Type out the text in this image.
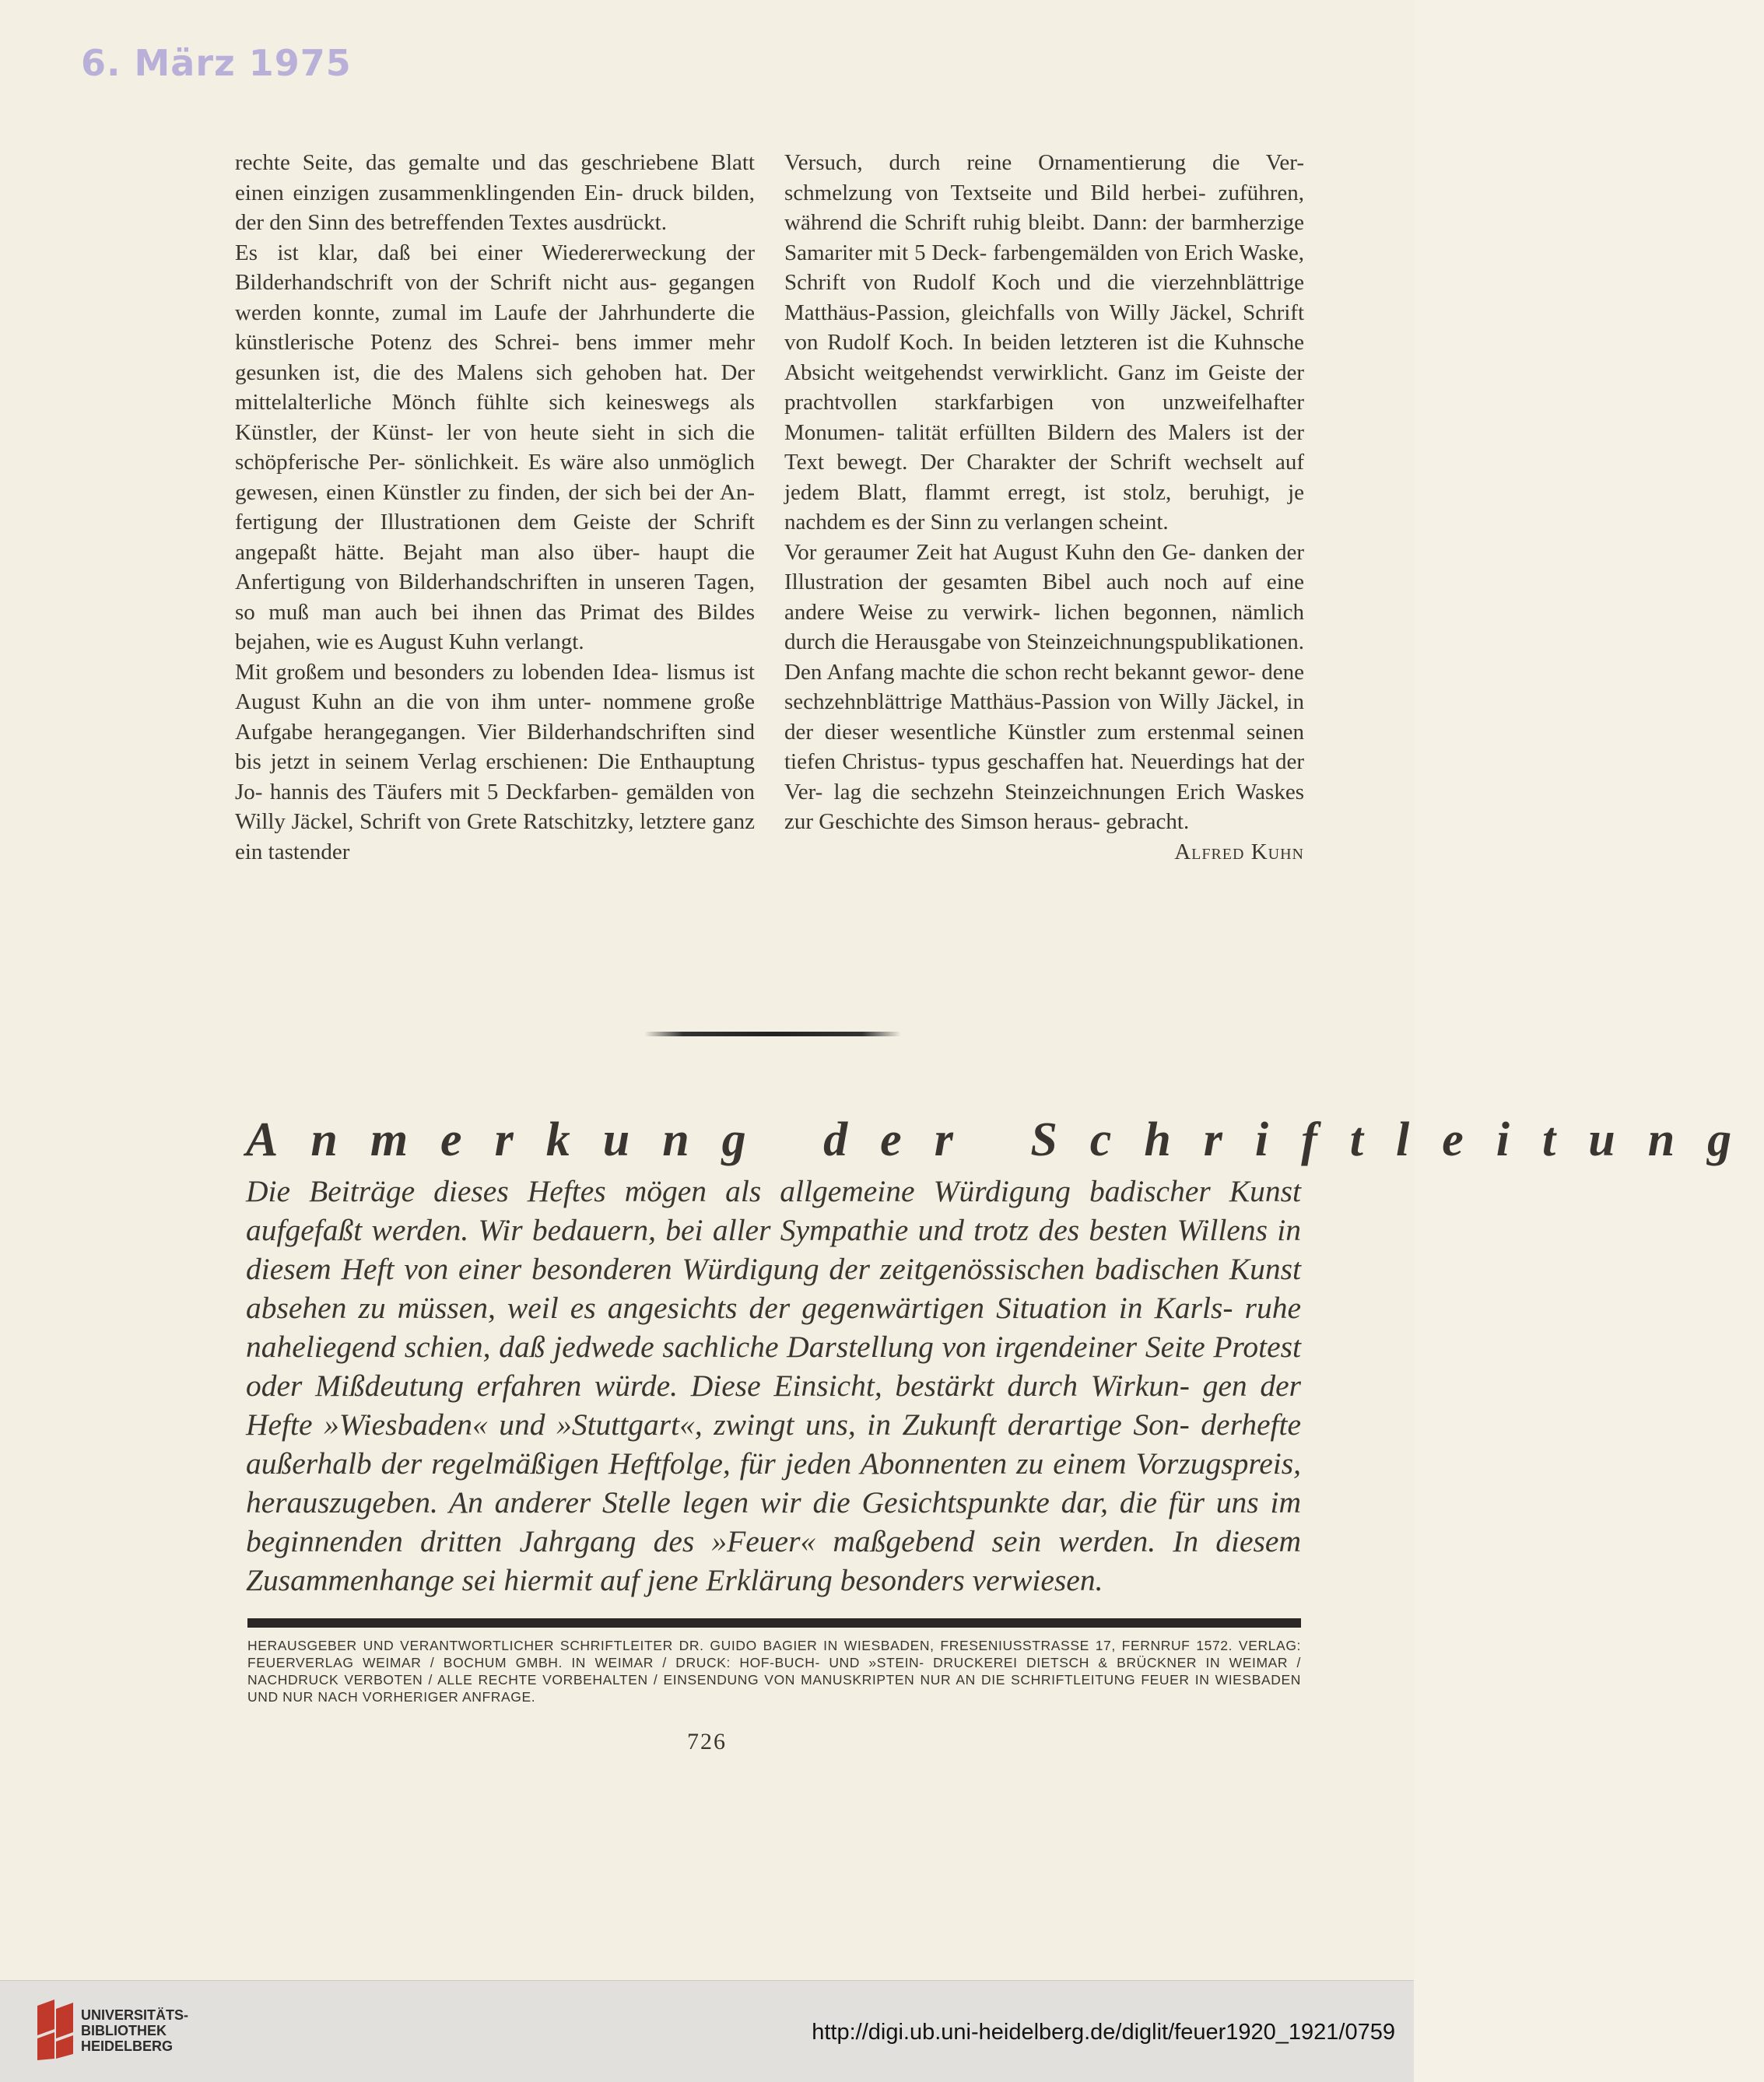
6. März 1975

rechte Seite, das gemalte und das geschriebene Blatt einen einzigen zusammenklingenden Ein- druck bilden, der den Sinn des betreffenden Textes ausdrückt.

Es ist klar, daß bei einer Wiedererweckung der Bilderhandschrift von der Schrift nicht aus- gegangen werden konnte, zumal im Laufe der Jahrhunderte die künstlerische Potenz des Schrei- bens immer mehr gesunken ist, die des Malens sich gehoben hat. Der mittelalterliche Mönch fühlte sich keineswegs als Künstler, der Künst- ler von heute sieht in sich die schöpferische Per- sönlichkeit. Es wäre also unmöglich gewesen, einen Künstler zu finden, der sich bei der An- fertigung der Illustrationen dem Geiste der Schrift angepaßt hätte. Bejaht man also über- haupt die Anfertigung von Bilderhandschriften in unseren Tagen, so muß man auch bei ihnen das Primat des Bildes bejahen, wie es August Kuhn verlangt.

Mit großem und besonders zu lobenden Idea- lismus ist August Kuhn an die von ihm unter- nommene große Aufgabe herangegangen. Vier Bilderhandschriften sind bis jetzt in seinem Verlag erschienen: Die Enthauptung Jo- hannis des Täufers mit 5 Deckfarben- gemälden von Willy Jäckel, Schrift von Grete Ratschitzky, letztere ganz ein tastender

Versuch, durch reine Ornamentierung die Ver- schmelzung von Textseite und Bild herbei- zuführen, während die Schrift ruhig bleibt. Dann: der barmherzige Samariter mit 5 Deck- farbengemälden von Erich Waske, Schrift von Rudolf Koch und die vierzehnblättrige Matthäus-Passion, gleichfalls von Willy Jäckel, Schrift von Rudolf Koch. In beiden letzteren ist die Kuhnsche Absicht weitgehendst verwirklicht. Ganz im Geiste der prachtvollen starkfarbigen von unzweifelhafter Monumen- talität erfüllten Bildern des Malers ist der Text bewegt. Der Charakter der Schrift wechselt auf jedem Blatt, flammt erregt, ist stolz, beruhigt, je nachdem es der Sinn zu verlangen scheint.

Vor geraumer Zeit hat August Kuhn den Ge- danken der Illustration der gesamten Bibel auch noch auf eine andere Weise zu verwirk- lichen begonnen, nämlich durch die Herausgabe von Steinzeichnungspublikationen. Den Anfang machte die schon recht bekannt gewor- dene sechzehnblättrige Matthäus-Passion von Willy Jäckel, in der dieser wesentliche Künstler zum erstenmal seinen tiefen Christus- typus geschaffen hat. Neuerdings hat der Ver- lag die sechzehn Steinzeichnungen Erich Waskes zur Geschichte des Simson heraus- gebracht.

Alfred Kuhn

Anmerkung der Schriftleitung

Die Beiträge dieses Heftes mögen als allgemeine Würdigung badischer Kunst aufgefaßt werden. Wir bedauern, bei aller Sympathie und trotz des besten Willens in diesem Heft von einer besonderen Würdigung der zeitgenössischen badischen Kunst absehen zu müssen, weil es angesichts der gegenwärtigen Situation in Karls- ruhe naheliegend schien, daß jedwede sachliche Darstellung von irgendeiner Seite Protest oder Mißdeutung erfahren würde. Diese Einsicht, bestärkt durch Wirkun- gen der Hefte »Wiesbaden« und »Stuttgart«, zwingt uns, in Zukunft derartige Son- derhefte außerhalb der regelmäßigen Heftfolge, für jeden Abonnenten zu einem Vorzugspreis, herauszugeben. An anderer Stelle legen wir die Gesichtspunkte dar, die für uns im beginnenden dritten Jahrgang des »Feuer« maßgebend sein werden. In diesem Zusammenhange sei hiermit auf jene Erklärung besonders verwiesen.

HERAUSGEBER UND VERANTWORTLICHER SCHRIFTLEITER DR. GUIDO BAGIER IN WIESBADEN, FRESENIUSSTRASSE 17, FERNRUF 1572. VERLAG: FEUERVERLAG WEIMAR / BOCHUM GMBH. IN WEIMAR / DRUCK: HOF-BUCH- UND »STEIN- DRUCKEREI DIETSCH & BRÜCKNER IN WEIMAR / NACHDRUCK VERBOTEN / ALLE RECHTE VORBEHALTEN / EINSENDUNG VON MANUSKRIPTEN NUR AN DIE SCHRIFTLEITUNG FEUER IN WIESBADEN UND NUR NACH VORHERIGER ANFRAGE.
726
UNIVERSITÄTS-
BIBLIOTHEK
HEIDELBERG
http://digi.ub.uni-heidelberg.de/diglit/feuer1920_1921/0759
